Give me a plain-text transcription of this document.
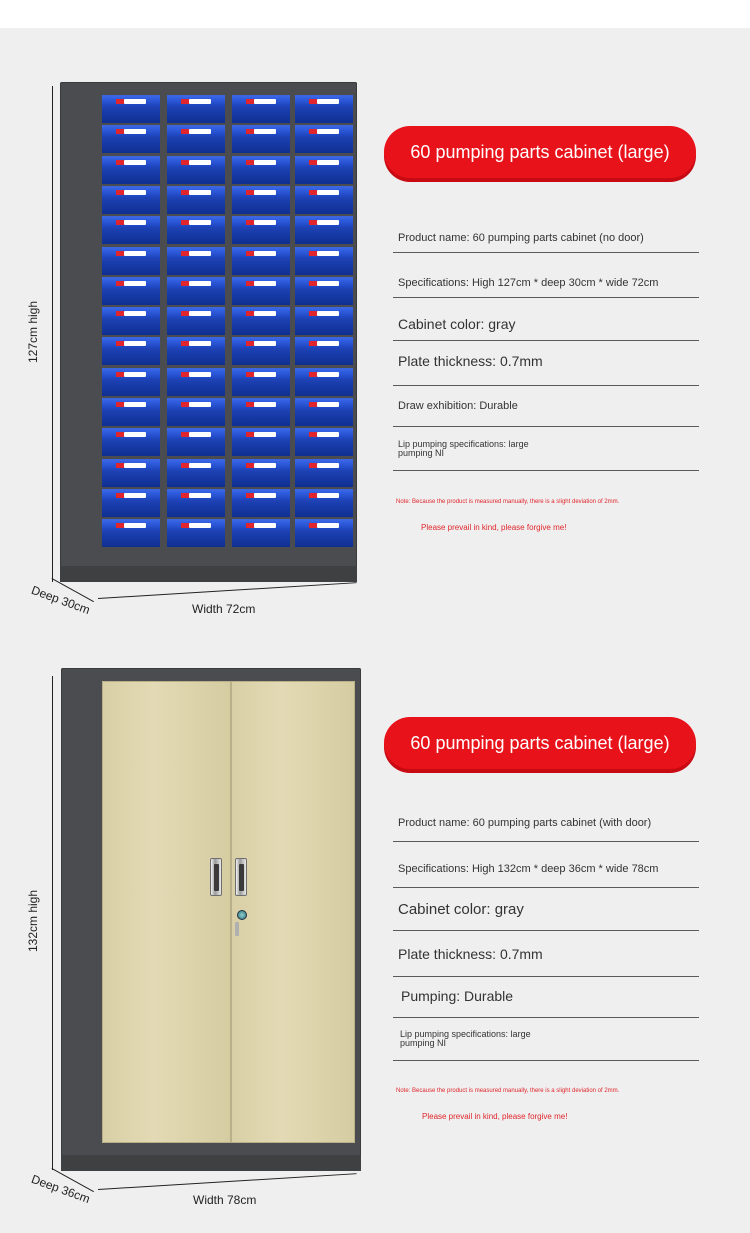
127cm high
Deep 30cm	Width 72cm
60 pumping parts cabinet (large)
Product name: 60 pumping parts cabinet (no door)
Specifications: High 127cm * deep 30cm * wide 72cm
Cabinet color: gray
Plate thickness: 0.7mm
Draw exhibition: Durable
Lip pumping specifications: large
pumping NI
Note: Because the product is measured manually, there is a slight deviation of 2mm.
Please prevail in kind, please forgive me!
132cm high
Deep 36cm	Width 78cm
60 pumping parts cabinet (large)
Product name: 60 pumping parts cabinet (with door)
Specifications: High 132cm * deep 36cm * wide 78cm
Cabinet color: gray
Plate thickness: 0.7mm
Pumping: Durable
Lip pumping specifications: large
pumping NI
Note: Because the product is measured manually, there is a slight deviation of 2mm.
Please prevail in kind, please forgive me!
